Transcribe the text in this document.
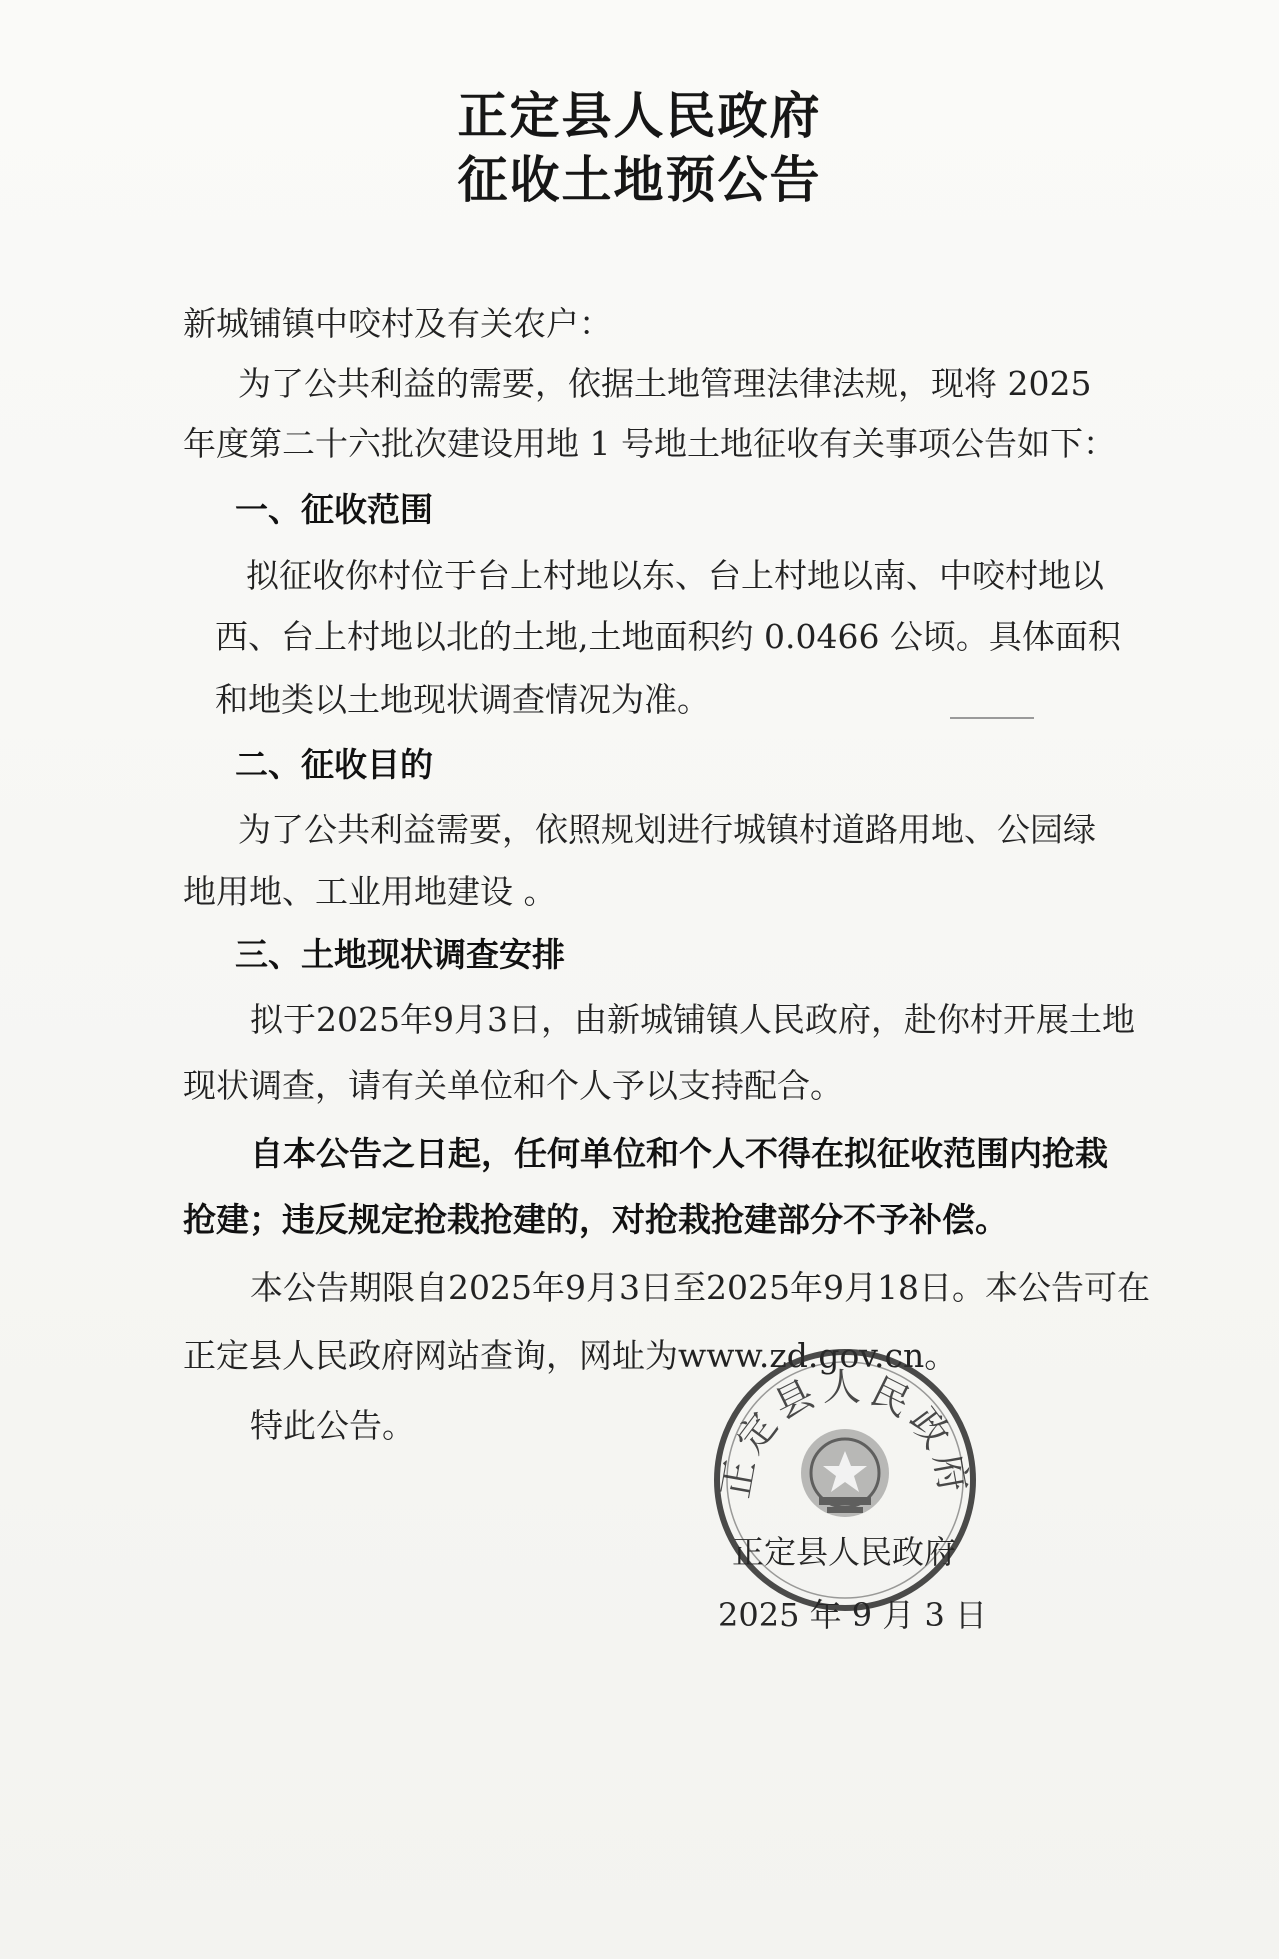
正定县人民政府
征收土地预公告
新城铺镇中咬村及有关农户：
为了公共利益的需要，依据土地管理法律法规，现将 2025
年度第二十六批次建设用地 1 号地土地征收有关事项公告如下：
一、征收范围
拟征收你村位于台上村地以东、台上村地以南、中咬村地以
西、台上村地以北的土地,土地面积约 0.0466 公顷。具体面积
和地类以土地现状调查情况为准。
二、征收目的
为了公共利益需要，依照规划进行城镇村道路用地、公园绿
地用地、工业用地建设 。
三、土地现状调查安排
拟于2025年9月3日，由新城铺镇人民政府，赴你村开展土地
现状调查，请有关单位和个人予以支持配合。
自本公告之日起，任何单位和个人不得在拟征收范围内抢栽
抢建；违反规定抢栽抢建的，对抢栽抢建部分不予补偿。
本公告期限自2025年9月3日至2025年9月18日。本公告可在
正定县人民政府网站查询，网址为www.zd.gov.cn。
特此公告。
正定县人民政府
正定县人民政府
2025 年 9 月 3 日
